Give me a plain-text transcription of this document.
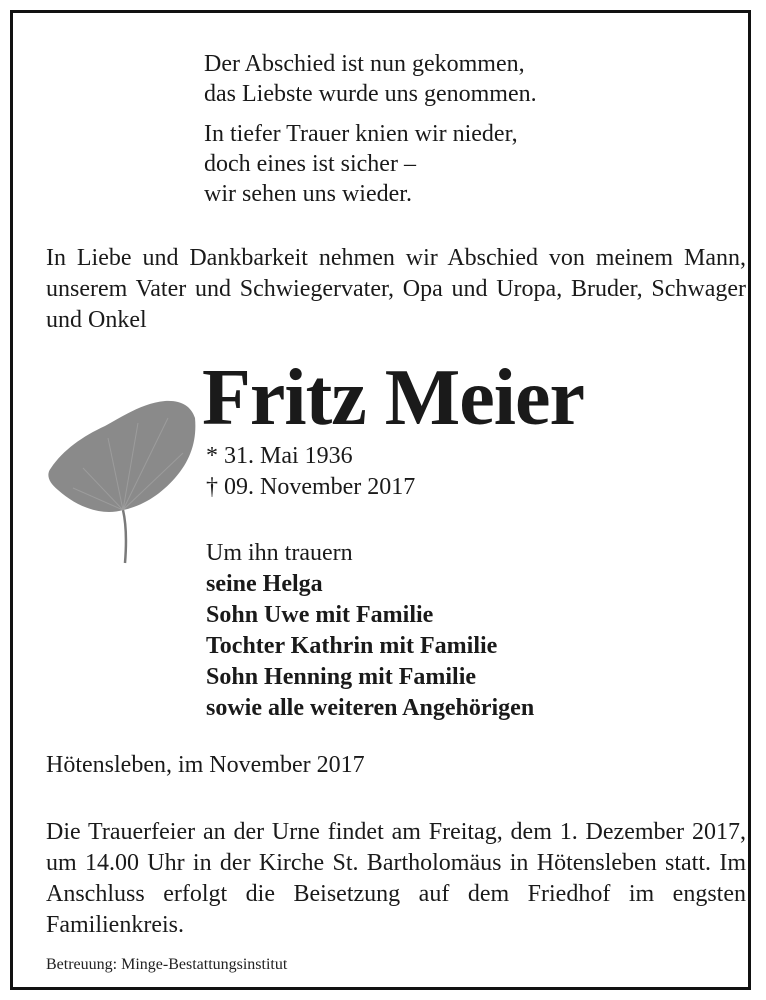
Der Abschied ist nun gekommen,
das Liebste wurde uns genommen.
In tiefer Trauer knien wir nieder,
doch eines ist sicher –
wir sehen uns wieder.
In Liebe und Dankbarkeit nehmen wir Abschied von meinem Mann, unserem Vater und Schwiegervater, Opa und Uropa, Bruder, Schwager und Onkel
Fritz Meier
* 31. Mai 1936
† 09. November 2017
Um ihn trauern
seine Helga
Sohn Uwe mit Familie
Tochter Kathrin mit Familie
Sohn Henning mit Familie
sowie alle weiteren Angehörigen
Hötensleben, im November 2017
Die Trauerfeier an der Urne findet am Freitag, dem 1. Dezember 2017, um 14.00 Uhr in der Kirche St. Bartholomäus in Hötensleben statt. Im Anschluss erfolgt die Beisetzung auf dem Friedhof im engsten Familienkreis.
Betreuung: Minge-Bestattungsinstitut
